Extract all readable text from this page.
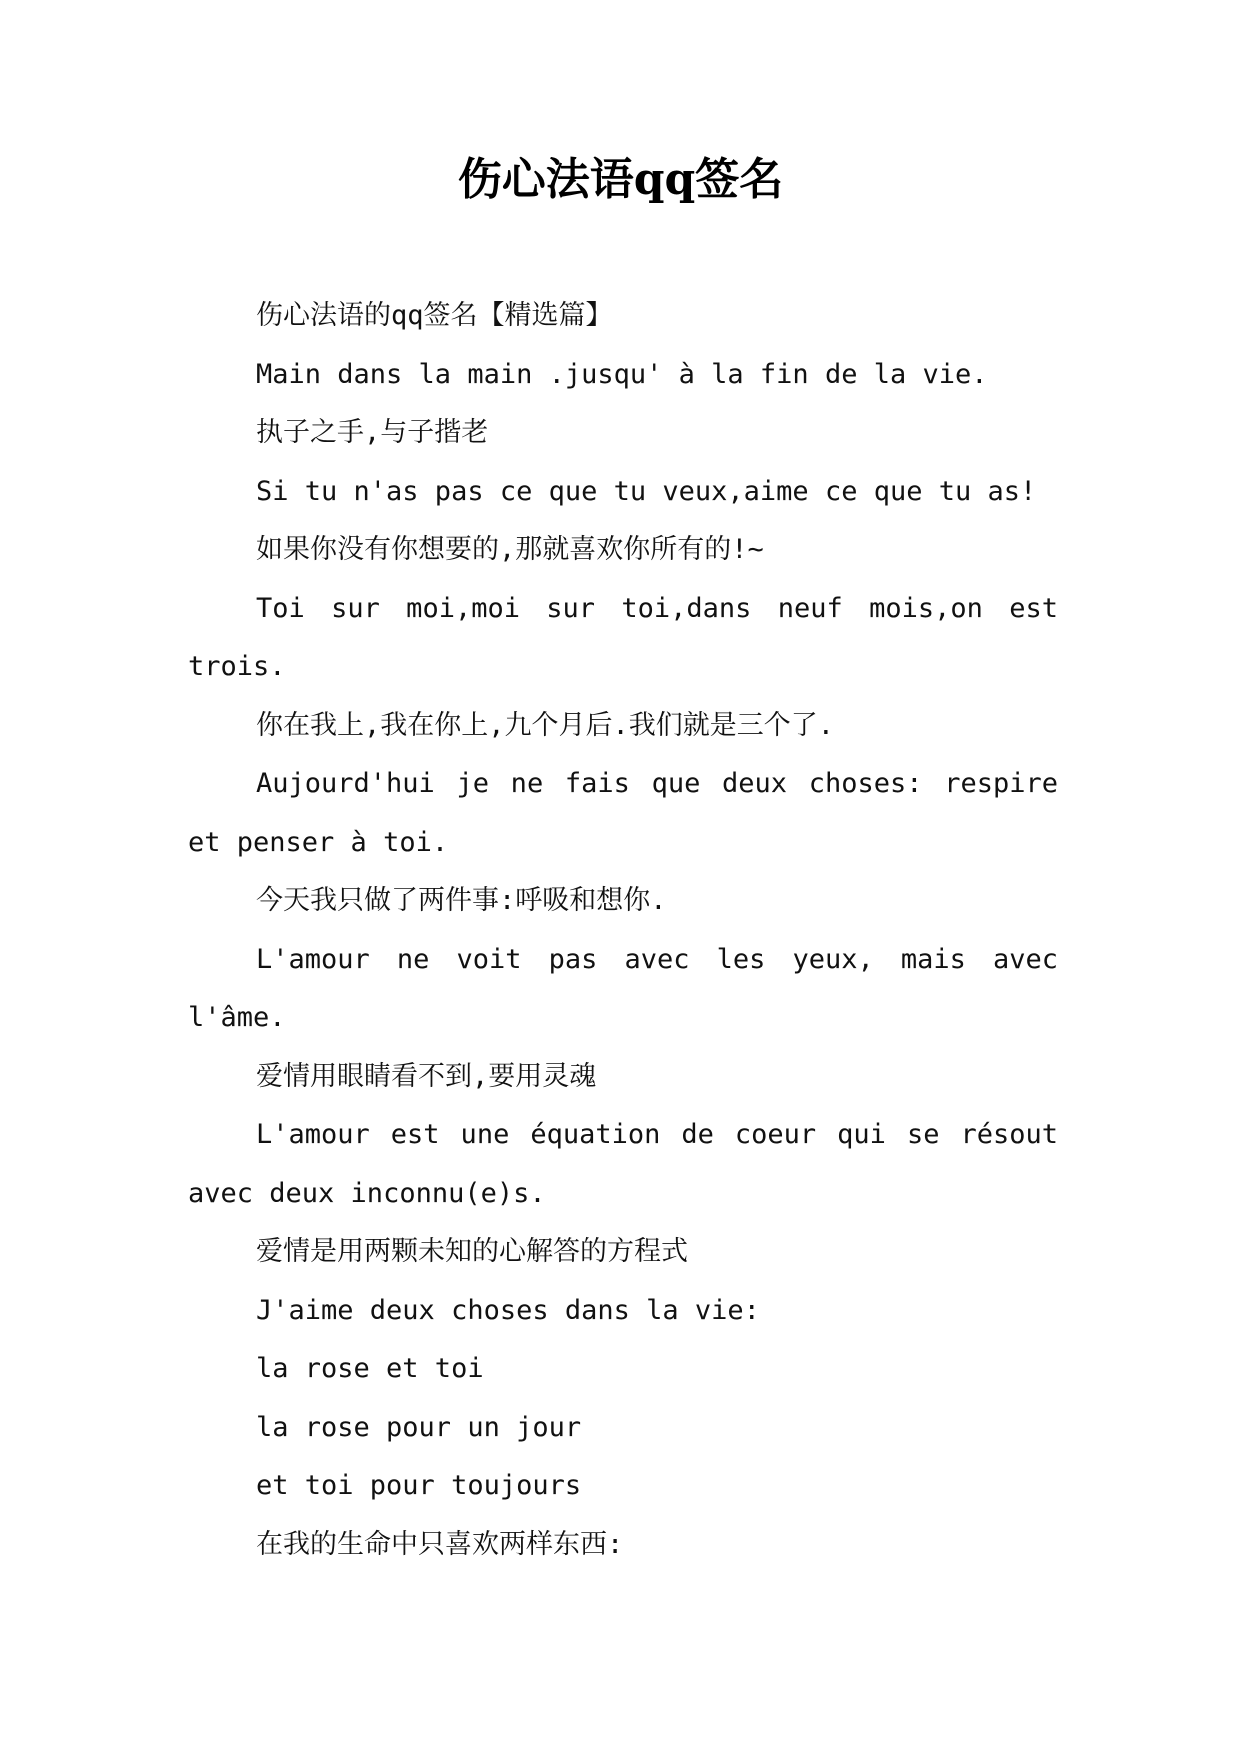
伤心法语qq签名

伤心法语的qq签名【精选篇】

Main dans la main .jusqu' à la fin de la vie.

执子之手,与子揩老

Si tu n'as pas ce que tu veux,aime ce que tu as!

如果你没有你想要的,那就喜欢你所有的!~

Toi sur moi,moi sur toi,dans neuf mois,on est trois.

你在我上,我在你上,九个月后.我们就是三个了.

Aujourd'hui je ne fais que deux choses: respire et penser à toi.

今天我只做了两件事:呼吸和想你.

L'amour ne voit pas avec les yeux, mais avec l'âme.

爱情用眼睛看不到,要用灵魂

L'amour est une équation de coeur qui se résout avec deux inconnu(e)s.

爱情是用两颗未知的心解答的方程式

J'aime deux choses dans la vie:

la rose et toi

la rose pour un jour

et toi pour toujours

在我的生命中只喜欢两样东西:
